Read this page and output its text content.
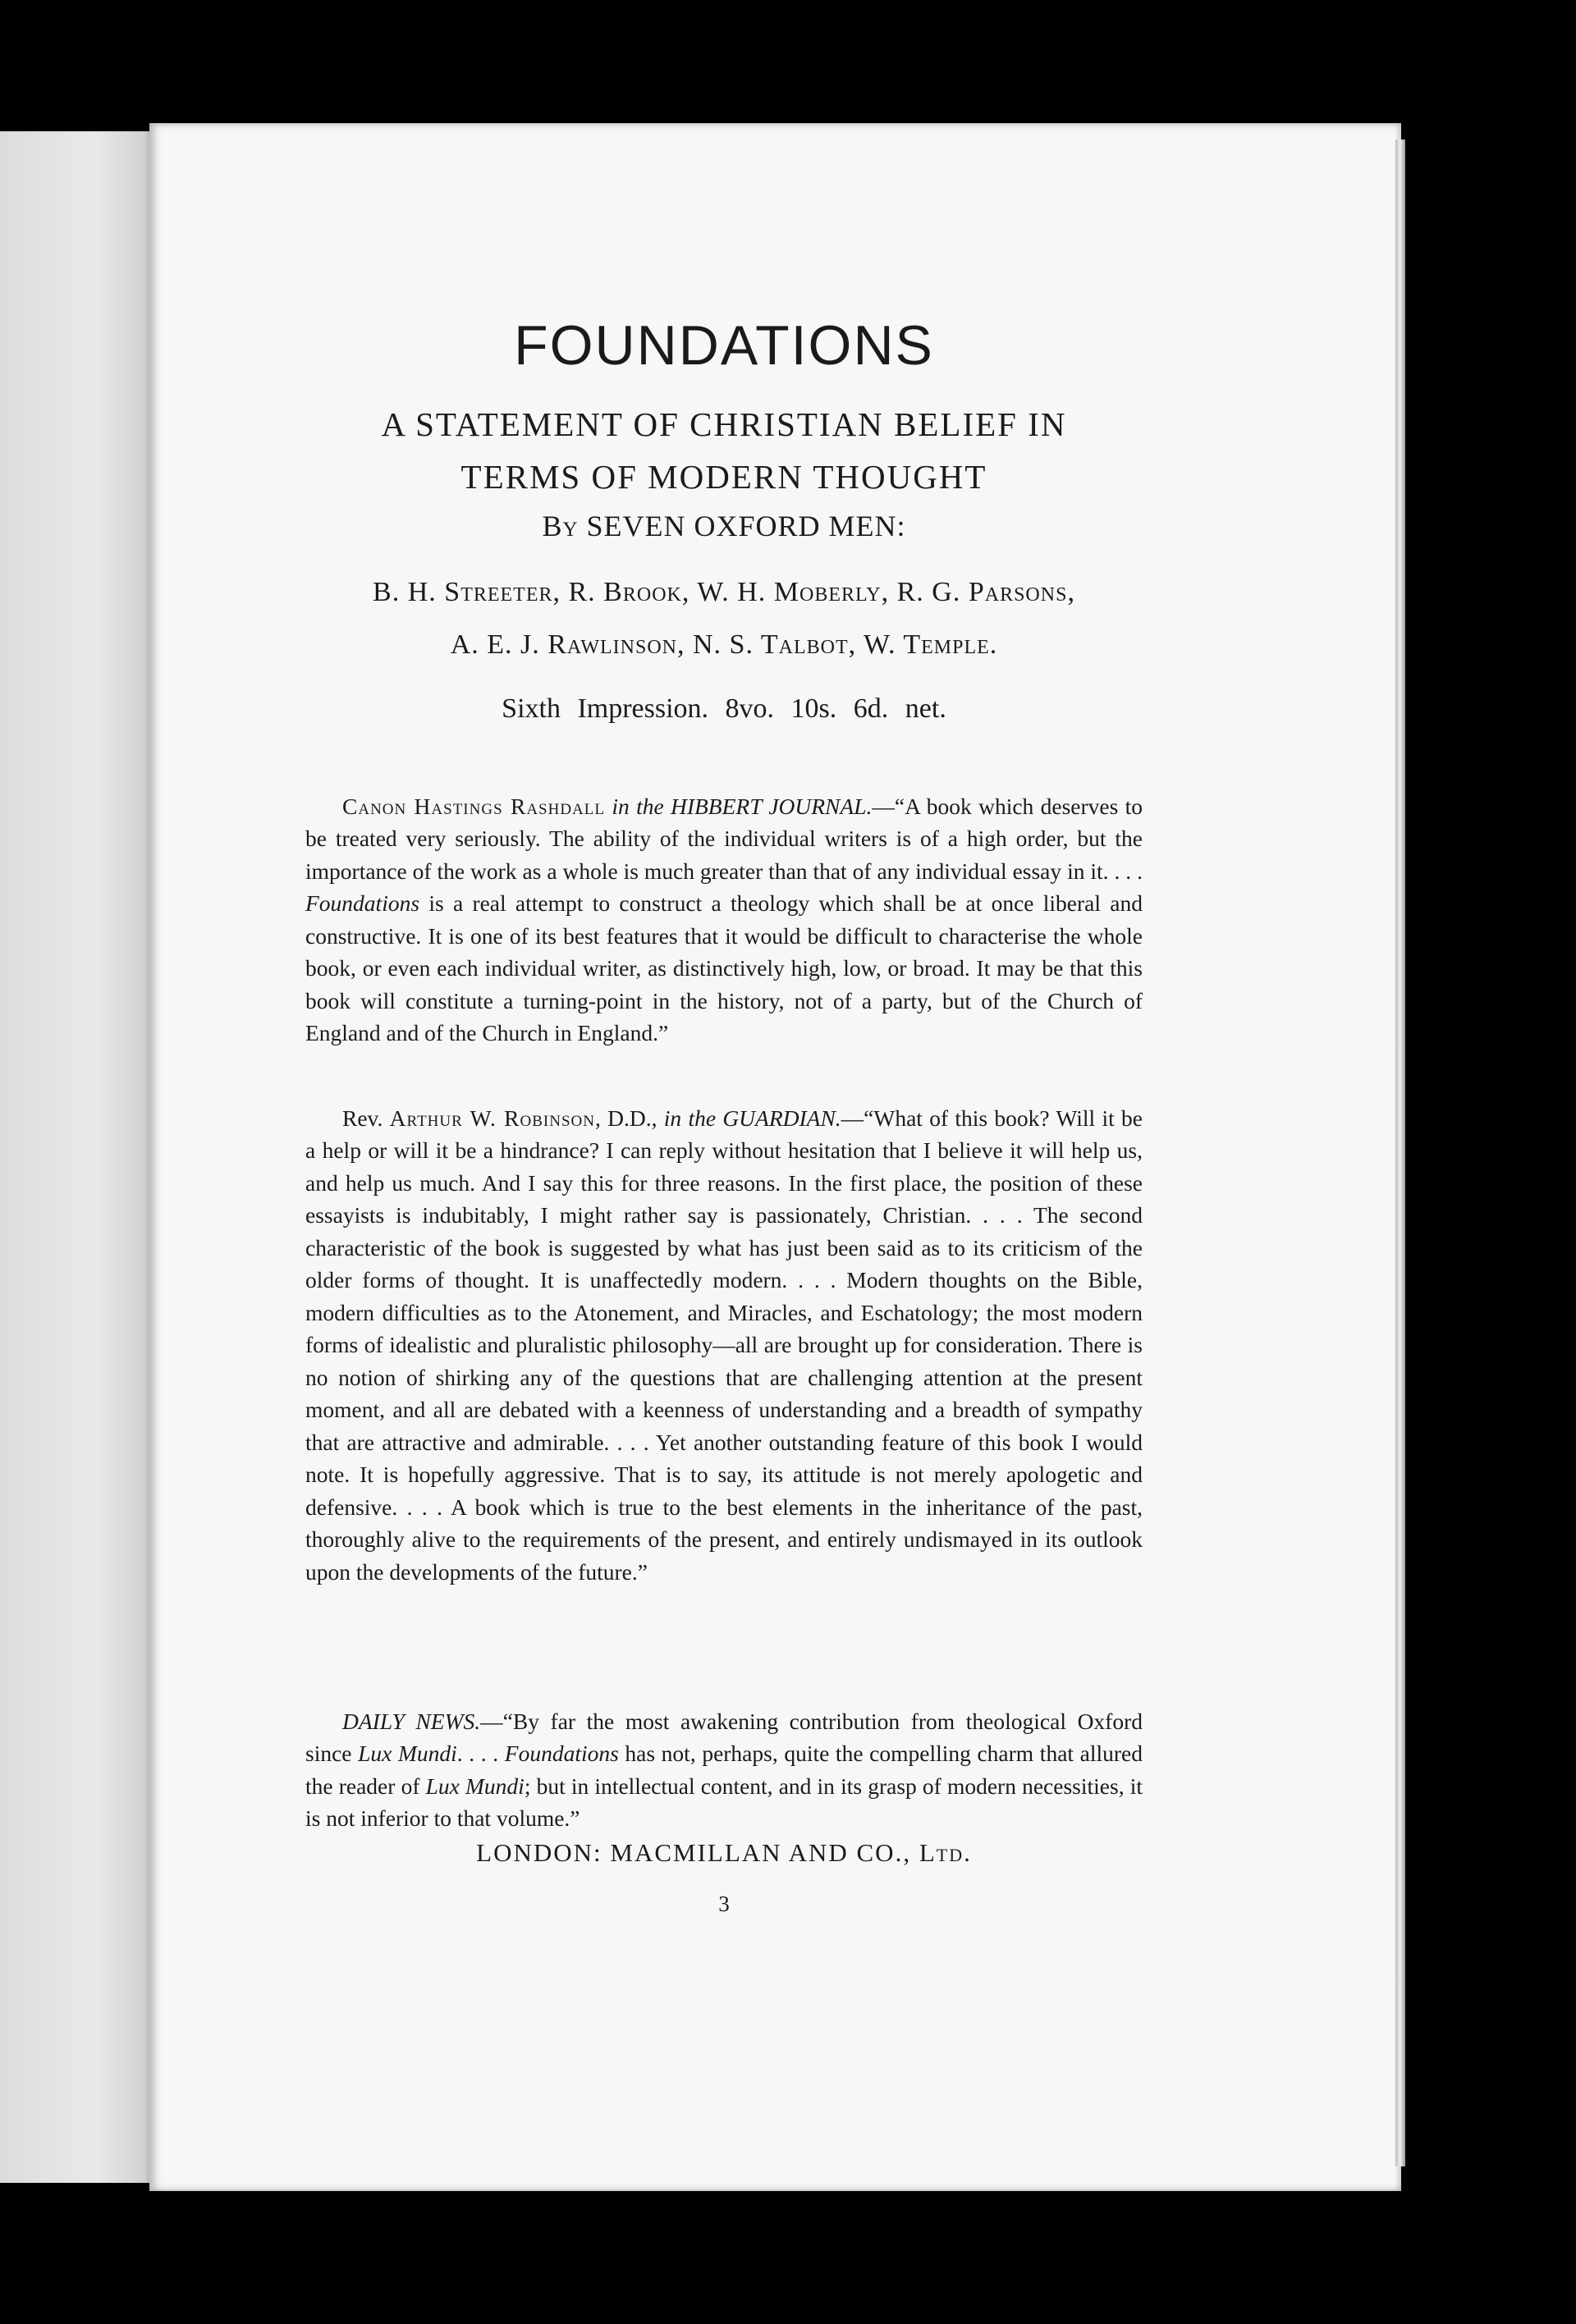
FOUNDATIONS
A STATEMENT OF CHRISTIAN BELIEF IN
TERMS OF MODERN THOUGHT
By SEVEN OXFORD MEN:
B. H. Streeter, R. Brook, W. H. Moberly, R. G. Parsons,
A. E. J. Rawlinson, N. S. Talbot, W. Temple.
Sixth Impression. 8vo. 10s. 6d. net.

Canon Hastings Rashdall in the HIBBERT JOURNAL.—“A book which deserves to be treated very seriously. The ability of the individual writers is of a high order, but the importance of the work as a whole is much greater than that of any individual essay in it. . . . Foundations is a real attempt to construct a theology which shall be at once liberal and constructive. It is one of its best features that it would be difficult to characterise the whole book, or even each individual writer, as distinctively high, low, or broad. It may be that this book will constitute a turning-point in the history, not of a party, but of the Church of England and of the Church in England.”

Rev. Arthur W. Robinson, D.D., in the GUARDIAN.—“What of this book? Will it be a help or will it be a hindrance? I can reply without hesitation that I believe it will help us, and help us much. And I say this for three reasons. In the first place, the position of these essayists is indubitably, I might rather say is passionately, Christian. . . . The second characteristic of the book is suggested by what has just been said as to its criticism of the older forms of thought. It is unaffectedly modern. . . . Modern thoughts on the Bible, modern difficulties as to the Atonement, and Miracles, and Eschatology; the most modern forms of idealistic and pluralistic philosophy—all are brought up for consideration. There is no notion of shirking any of the questions that are challenging attention at the present moment, and all are debated with a keenness of understanding and a breadth of sympathy that are attractive and admirable. . . . Yet another outstanding feature of this book I would note. It is hopefully aggressive. That is to say, its attitude is not merely apologetic and defensive. . . . A book which is true to the best elements in the inheritance of the past, thoroughly alive to the requirements of the present, and entirely undismayed in its outlook upon the developments of the future.”

DAILY NEWS.—“By far the most awakening contribution from theological Oxford since Lux Mundi. . . . Foundations has not, perhaps, quite the compelling charm that allured the reader of Lux Mundi; but in intellectual content, and in its grasp of modern necessities, it is not inferior to that volume.”

LONDON: MACMILLAN AND CO., Ltd.
3
